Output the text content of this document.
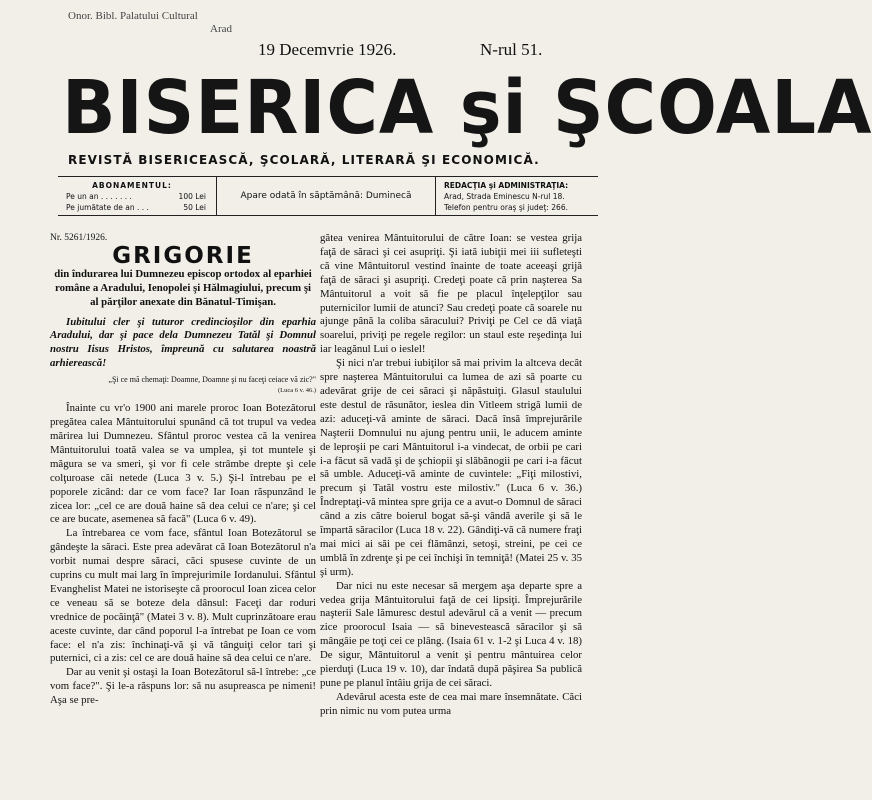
Onor. Bibl. Palatului Cultural
Arad
19 Decemvrie 1926.	N-rul 51.
BISERICA şi ŞCOALA
REVISTĂ BISERICEASCĂ, ŞCOLARĂ, LITERARĂ ŞI ECONOMICĂ.
ABONAMENTUL:
Pe un an . . . . . . .	100 Lei
Pe jumătate de an . . .	50 Lei
Apare odată în săptămână: Duminecă
REDACŢIA şi ADMINISTRAŢIA:
Arad, Strada Eminescu N-rul 18.
Telefon pentru oraş şi judeţ: 266.

Nr. 5261/1926.

GRIGORIE

din îndurarea lui Dumnezeu episcop ortodox al eparhiei române a Aradului, Ienopolei şi Hălmagiului, precum şi al părţilor anexate din Bănatul-Timişan.

Iubitului cler şi tuturor credincioşilor din eparhia Aradului, dar şi pace dela Dumnezeu Tatăl şi Domnul nostru Iisus Hristos, împreună cu salutarea noastră arhierească!

„Şi ce mă chemaţi: Doamne, Doamne şi nu faceţi ceiace vă zic?"
(Luca 6 v. 46.)

Înainte cu vr'o 1900 ani marele proroc Ioan Botezătorul pregătea calea Mântuitorului spunând că tot trupul va vedea mărirea lui Dumnezeu. Sfântul proroc vestea că la venirea Mântuitorului toată valea se va umplea, şi tot muntele şi măgura se va smeri, şi vor fi cele strâmbe drepte şi cele colţuroase căi netede (Luca 3 v. 5.) Şi-l întrebau pe el poporele zicând: dar ce vom face? Iar Ioan răspunzând le zicea lor: „cel ce are două haine să dea celui ce n'are; şi cel ce are bucate, asemenea să facă" (Luca 6 v. 49).

La întrebarea ce vom face, sfântul Ioan Botezătorul se gândeşte la săraci. Este prea adevărat că Ioan Botezătorul n'a vorbit numai despre săraci, căci spusese cuvinte de un cuprins cu mult mai larg în împrejurimile Iordanului. Sfântul Evanghelist Matei ne istoriseşte că proorocul Ioan zicea celor ce veneau să se boteze dela dânsul: Faceţi dar roduri vrednice de pocăinţă" (Matei 3 v. 8). Mult cuprinzătoare erau aceste cuvinte, dar când poporul l-a întrebat pe Ioan ce vom face: el n'a zis: închinaţi-vă şi vă tânguiţi celor tari şi puternici, ci a zis: cel ce are două haine să dea celui ce n'are.

Dar au venit şi ostaşi la Ioan Botezătorul să-l întrebe: „ce vom face?". Şi le-a răspuns lor: să nu asupreasca pe nimeni! Aşa se pre-

gătea venirea Mântuitorului de către Ioan: se vestea grija faţă de săraci şi cei asupriţi. Şi iată iubiţii mei iii sufleteşti că vine Mântuitorul vestind înainte de toate aceeaşi grijă faţă de săraci şi asupriţi. Credeţi poate că prin naşterea Sa Mântuitorul a voit să fie pe placul înţelepţilor sau puternicilor lumii de atunci? Sau credeţi poate că soarele nu ajunge până la coliba săracului? Priviţi pe Cel ce dă viaţă soarelui, priviţi pe regele regilor: un staul este reşedinţa lui iar leagănul Lui o ieslel!

Şi nici n'ar trebui iubiţilor să mai privim la altceva decât spre naşterea Mântuitorului ca lumea de azi să poarte cu adevărat grije de cei săraci şi năpăstuiţi. Glasul staulului este destul de răsunător, ieslea din Vitleem strigă lumii de azi: aduceţi-vă aminte de săraci. Dacă însă împrejurările Naşterii Domnului nu ajung pentru unii, le aducem aminte de leproşii pe cari Mântuitorul i-a vindecat, de orbii pe cari i-a făcut să vadă şi de şchiopii şi slăbănogii pe cari i-a făcut să umble. Aduceţi-vă aminte de cuvintele: „Fiţi milostivi, precum şi Tatăl vostru este milostiv." (Luca 6 v. 36.) Îndreptaţi-vă mintea spre grija ce a avut-o Domnul de săraci când a zis către boierul bogat să-şi vândă averile şi să le împartă săracilor (Luca 18 v. 22). Gândiţi-vă că numere fraţi mai mici ai săi pe cei flămânzi, setoşi, streini, pe cei ce umblă în zdrenţe şi pe cei închişi în temniţă! (Matei 25 v. 35 şi urm).

Dar nici nu este necesar să mergem aşa departe spre a vedea grija Mântuitorului faţă de cei lipsiţi. Împrejurările naşterii Sale lămuresc destul adevărul că a venit — precum zice proorocul Isaia — să binevestească săracilor şi să mângâie pe toţi cei ce plâng. (Isaia 61 v. 1-2 şi Luca 4 v. 18) De sigur, Mântuitorul a venit şi pentru mântuirea celor pierduţi (Luca 19 v. 10), dar îndată după păşirea Sa publică pune pe planul întâiu grija de cei săraci.

Adevărul acesta este de cea mai mare însemnătate. Căci prin nimic nu vom putea urma
